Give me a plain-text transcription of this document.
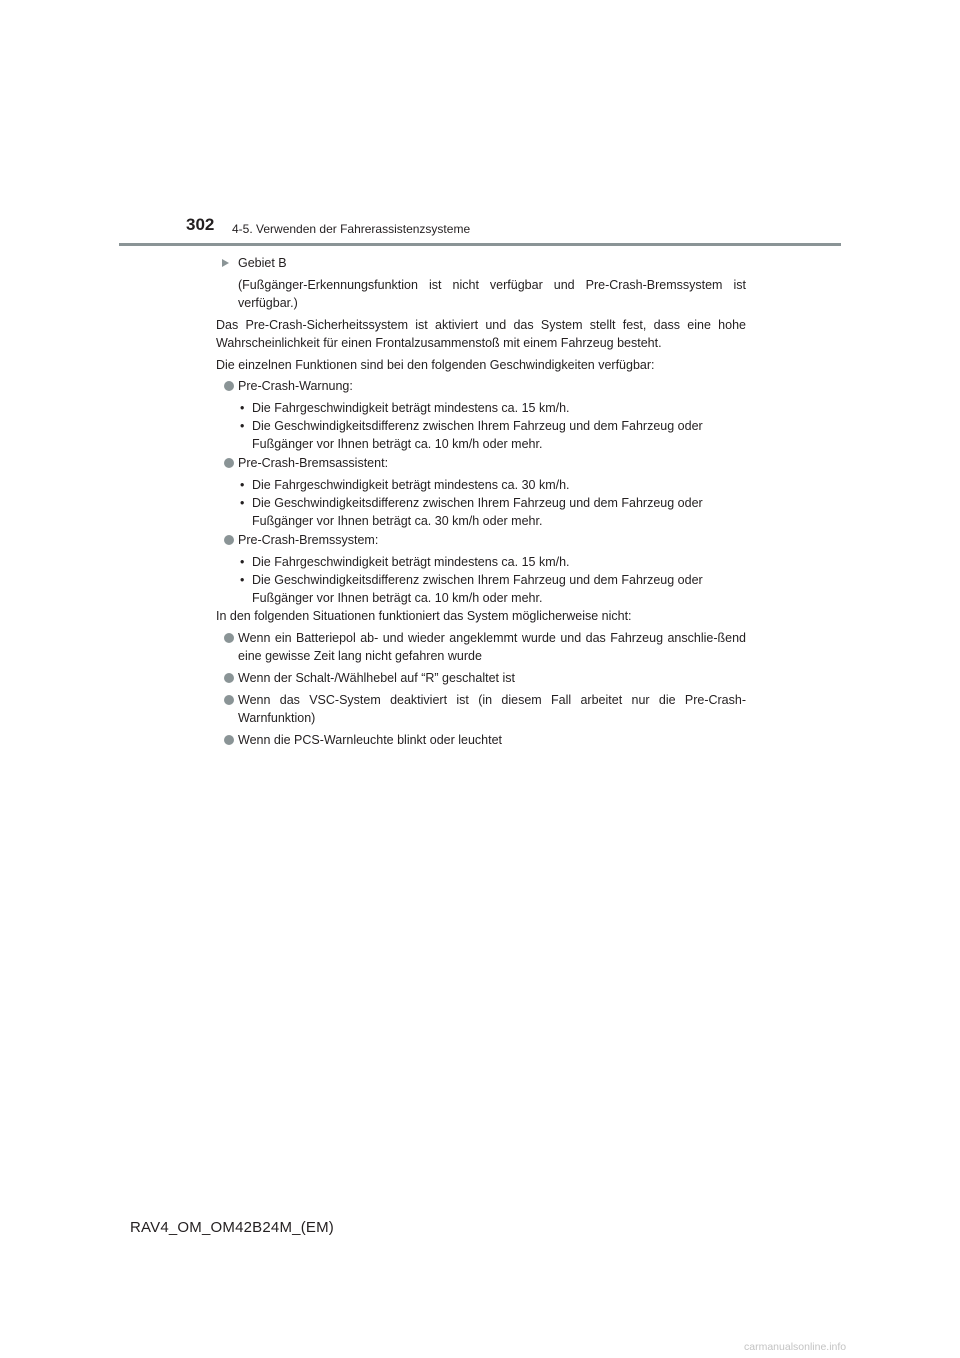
302 4-5. Verwenden der Fahrerassistenzsysteme
Gebiet B
(Fußgänger-Erkennungsfunktion ist nicht verfügbar und Pre-Crash-Bremssystem ist verfügbar.)
Das Pre-Crash-Sicherheitssystem ist aktiviert und das System stellt fest, dass eine hohe Wahrscheinlichkeit für einen Frontalzusammenstoß mit einem Fahrzeug besteht.
Die einzelnen Funktionen sind bei den folgenden Geschwindigkeiten verfügbar:
Pre-Crash-Warnung:
• Die Fahrgeschwindigkeit beträgt mindestens ca. 15 km/h.
• Die Geschwindigkeitsdifferenz zwischen Ihrem Fahrzeug und dem Fahrzeug oder Fußgänger vor Ihnen beträgt ca. 10 km/h oder mehr.
Pre-Crash-Bremsassistent:
• Die Fahrgeschwindigkeit beträgt mindestens ca. 30 km/h.
• Die Geschwindigkeitsdifferenz zwischen Ihrem Fahrzeug und dem Fahrzeug oder Fußgänger vor Ihnen beträgt ca. 30 km/h oder mehr.
Pre-Crash-Bremssystem:
• Die Fahrgeschwindigkeit beträgt mindestens ca. 15 km/h.
• Die Geschwindigkeitsdifferenz zwischen Ihrem Fahrzeug und dem Fahrzeug oder Fußgänger vor Ihnen beträgt ca. 10 km/h oder mehr.
In den folgenden Situationen funktioniert das System möglicherweise nicht:
Wenn ein Batteriepol ab- und wieder angeklemmt wurde und das Fahrzeug anschlie-ßend eine gewisse Zeit lang nicht gefahren wurde
Wenn der Schalt-/Wählhebel auf “R” geschaltet ist
Wenn das VSC-System deaktiviert ist (in diesem Fall arbeitet nur die Pre-Crash-Warnfunktion)
Wenn die PCS-Warnleuchte blinkt oder leuchtet
RAV4_OM_OM42B24M_(EM)
carmanualsonline.info
